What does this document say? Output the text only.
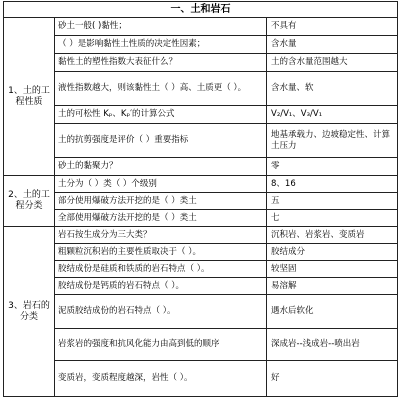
一、土和岩石		
1、土的工程性质	砂土一般( )黏性；	不具有
	（ ）是影响黏性土性质的决定性因素；	含水量
	黏性土的塑性指数大表征什么？	土的含水量范围越大
	液性指数越大，则该黏性土（ ）高、土质更（ ）。	含水量、软
	土的可松性 Kₚ、Kₚ′的计算公式	V₂/V₁、V₃/V₁
	土的抗剪强度是评价（ ）重要指标	地基承载力、边坡稳定性、计算土压力
	砂土的黏聚力？	零
2、土的工程分类	土分为（ ）类（ ）个级别	8、16
	部分使用爆破方法开挖的是（ ）类土	五
	全部使用爆破方法开挖的是（ ）类土	七
3、岩石的分类	岩石按生成分为三大类？	沉积岩、岩浆岩、变质岩
	粗颗粒沉积岩的主要性质取决于（ ）。	胶结成分
	胶结成份是硅质和铁质的岩石特点（ ）。	较坚固
	胶结成份是钙质的岩石特点（ ）。	易溶解
	泥质胶结成份的岩石特点（ ）。	遇水后软化
	岩浆岩的强度和抗风化能力由高到低的顺序	深成岩--浅成岩--喷出岩
	变质岩，变质程度越深，岩性（ ）。	好
